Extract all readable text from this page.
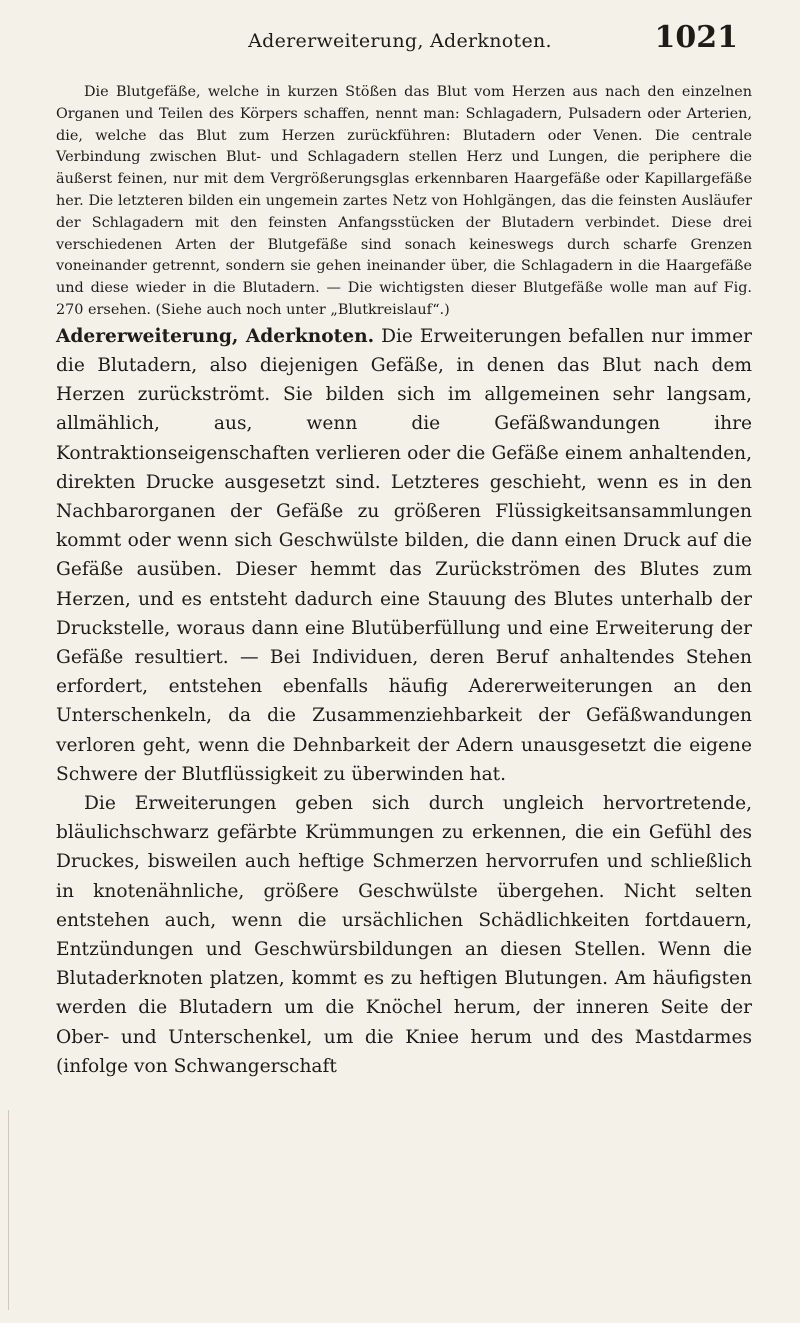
Adererweiterung, Aderknoten.	1021

Die Blutgefäße, welche in kurzen Stößen das Blut vom Herzen aus nach den einzelnen Organen und Teilen des Körpers schaffen, nennt man: Schlagadern, Pulsadern oder Arterien, die, welche das Blut zum Herzen zurückführen: Blutadern oder Venen. Die centrale Verbindung zwischen Blut- und Schlagadern stellen Herz und Lungen, die periphere die äußerst feinen, nur mit dem Vergrößerungsglas erkennbaren Haargefäße oder Kapillargefäße her. Die letzteren bilden ein ungemein zartes Netz von Hohlgängen, das die feinsten Ausläufer der Schlagadern mit den feinsten Anfangsstücken der Blutadern verbindet. Diese drei verschiedenen Arten der Blutgefäße sind sonach keineswegs durch scharfe Grenzen voneinander getrennt, sondern sie gehen ineinander über, die Schlagadern in die Haargefäße und diese wieder in die Blutadern. — Die wichtigsten dieser Blutgefäße wolle man auf Fig. 270 ersehen. (Siehe auch noch unter „Blutkreislauf“.)

Adererweiterung, Aderknoten. Die Erweiterungen befallen nur immer die Blutadern, also diejenigen Gefäße, in denen das Blut nach dem Herzen zurückströmt. Sie bilden sich im allgemeinen sehr langsam, allmählich, aus, wenn die Gefäßwandungen ihre Kontraktionseigenschaften verlieren oder die Gefäße einem anhaltenden, direkten Drucke ausgesetzt sind. Letzteres geschieht, wenn es in den Nachbarorganen der Gefäße zu größeren Flüssigkeitsansammlungen kommt oder wenn sich Geschwülste bilden, die dann einen Druck auf die Gefäße ausüben. Dieser hemmt das Zurückströmen des Blutes zum Herzen, und es entsteht dadurch eine Stauung des Blutes unterhalb der Druckstelle, woraus dann eine Blutüberfüllung und eine Erweiterung der Gefäße resultiert. — Bei Individuen, deren Beruf anhaltendes Stehen erfordert, entstehen ebenfalls häufig Adererweiterungen an den Unterschenkeln, da die Zusammenziehbarkeit der Gefäßwandungen verloren geht, wenn die Dehnbarkeit der Adern unausgesetzt die eigene Schwere der Blutflüssigkeit zu überwinden hat.

Die Erweiterungen geben sich durch ungleich hervortretende, bläulichschwarz gefärbte Krümmungen zu erkennen, die ein Gefühl des Druckes, bisweilen auch heftige Schmerzen hervorrufen und schließlich in knotenähnliche, größere Geschwülste übergehen. Nicht selten entstehen auch, wenn die ursächlichen Schädlichkeiten fortdauern, Entzündungen und Geschwürsbildungen an diesen Stellen. Wenn die Blutaderknoten platzen, kommt es zu heftigen Blutungen. Am häufigsten werden die Blutadern um die Knöchel herum, der inneren Seite der Ober- und Unterschenkel, um die Kniee herum und des Mastdarmes (infolge von Schwangerschaft
